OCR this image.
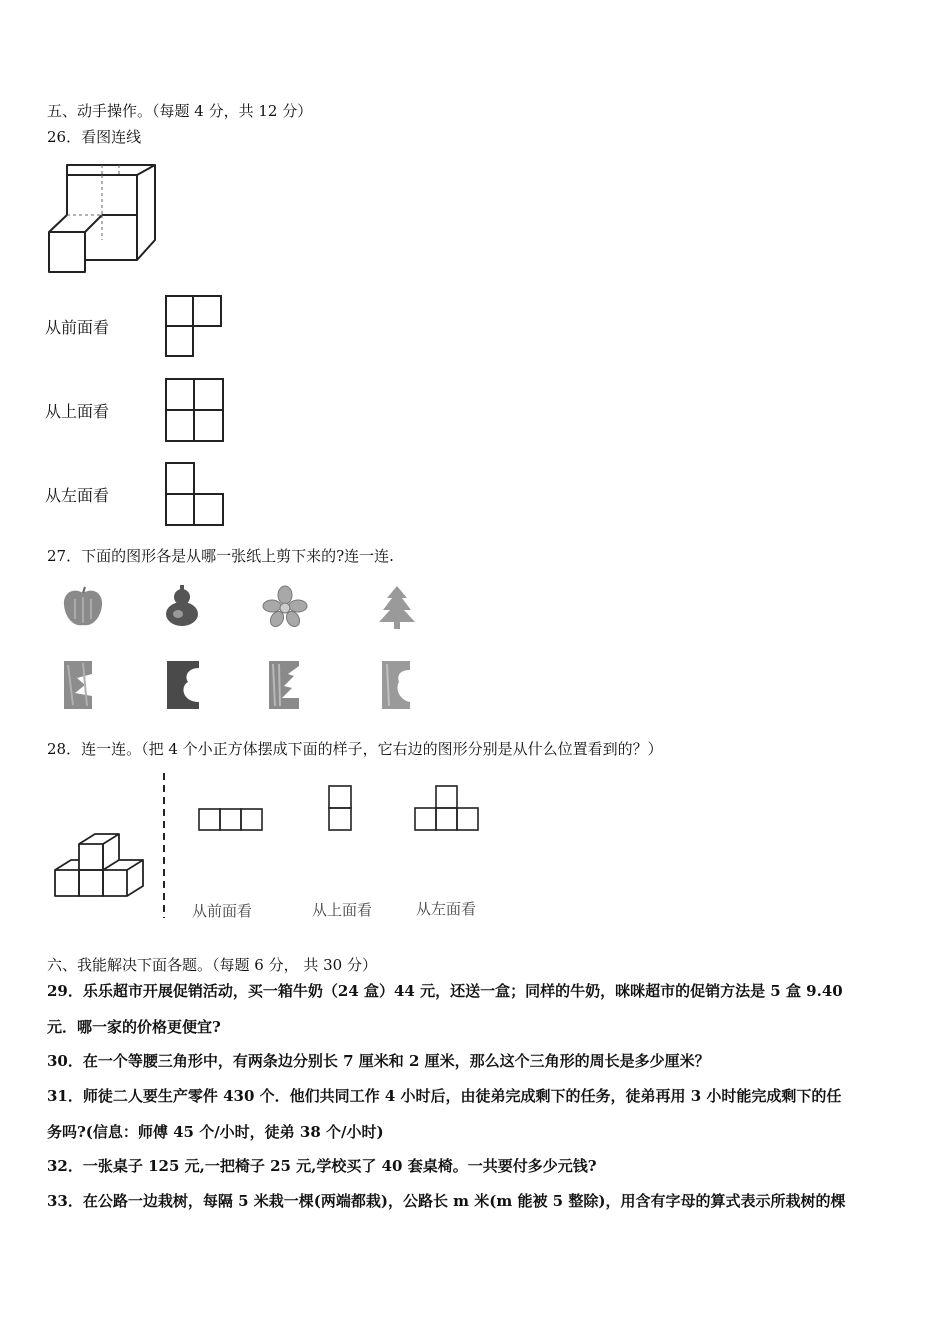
五、动手操作。（每题 4 分，共 12 分）
26．看图连线
从前面看
从上面看
从左面看
27．下面的图形各是从哪一张纸上剪下来的?连一连.
28．连一连。（把 4 个小正方体摆成下面的样子，它右边的图形分别是从什么位置看到的？）
从前面看	从上面看	从左面看
六、我能解决下面各题。（每题 6 分， 共 30 分）
29．乐乐超市开展促销活动，买一箱牛奶（24 盒）44 元，还送一盒；同样的牛奶，咪咪超市的促销方法是 5 盒 9.40
元．哪一家的价格更便宜?
30．在一个等腰三角形中，有两条边分别长 7 厘米和 2 厘米，那么这个三角形的周长是多少厘米？
31．师徒二人要生产零件 430 个．他们共同工作 4 小时后，由徒弟完成剩下的任务，徒弟再用 3 小时能完成剩下的任
务吗?(信息：师傅 45 个/小时，徒弟 38 个/小时)
32．一张桌子 125 元,一把椅子 25 元,学校买了 40 套桌椅。一共要付多少元钱?
33．在公路一边栽树，每隔 5 米栽一棵(两端都栽)，公路长 m 米(m 能被 5 整除)，用含有字母的算式表示所栽树的棵
